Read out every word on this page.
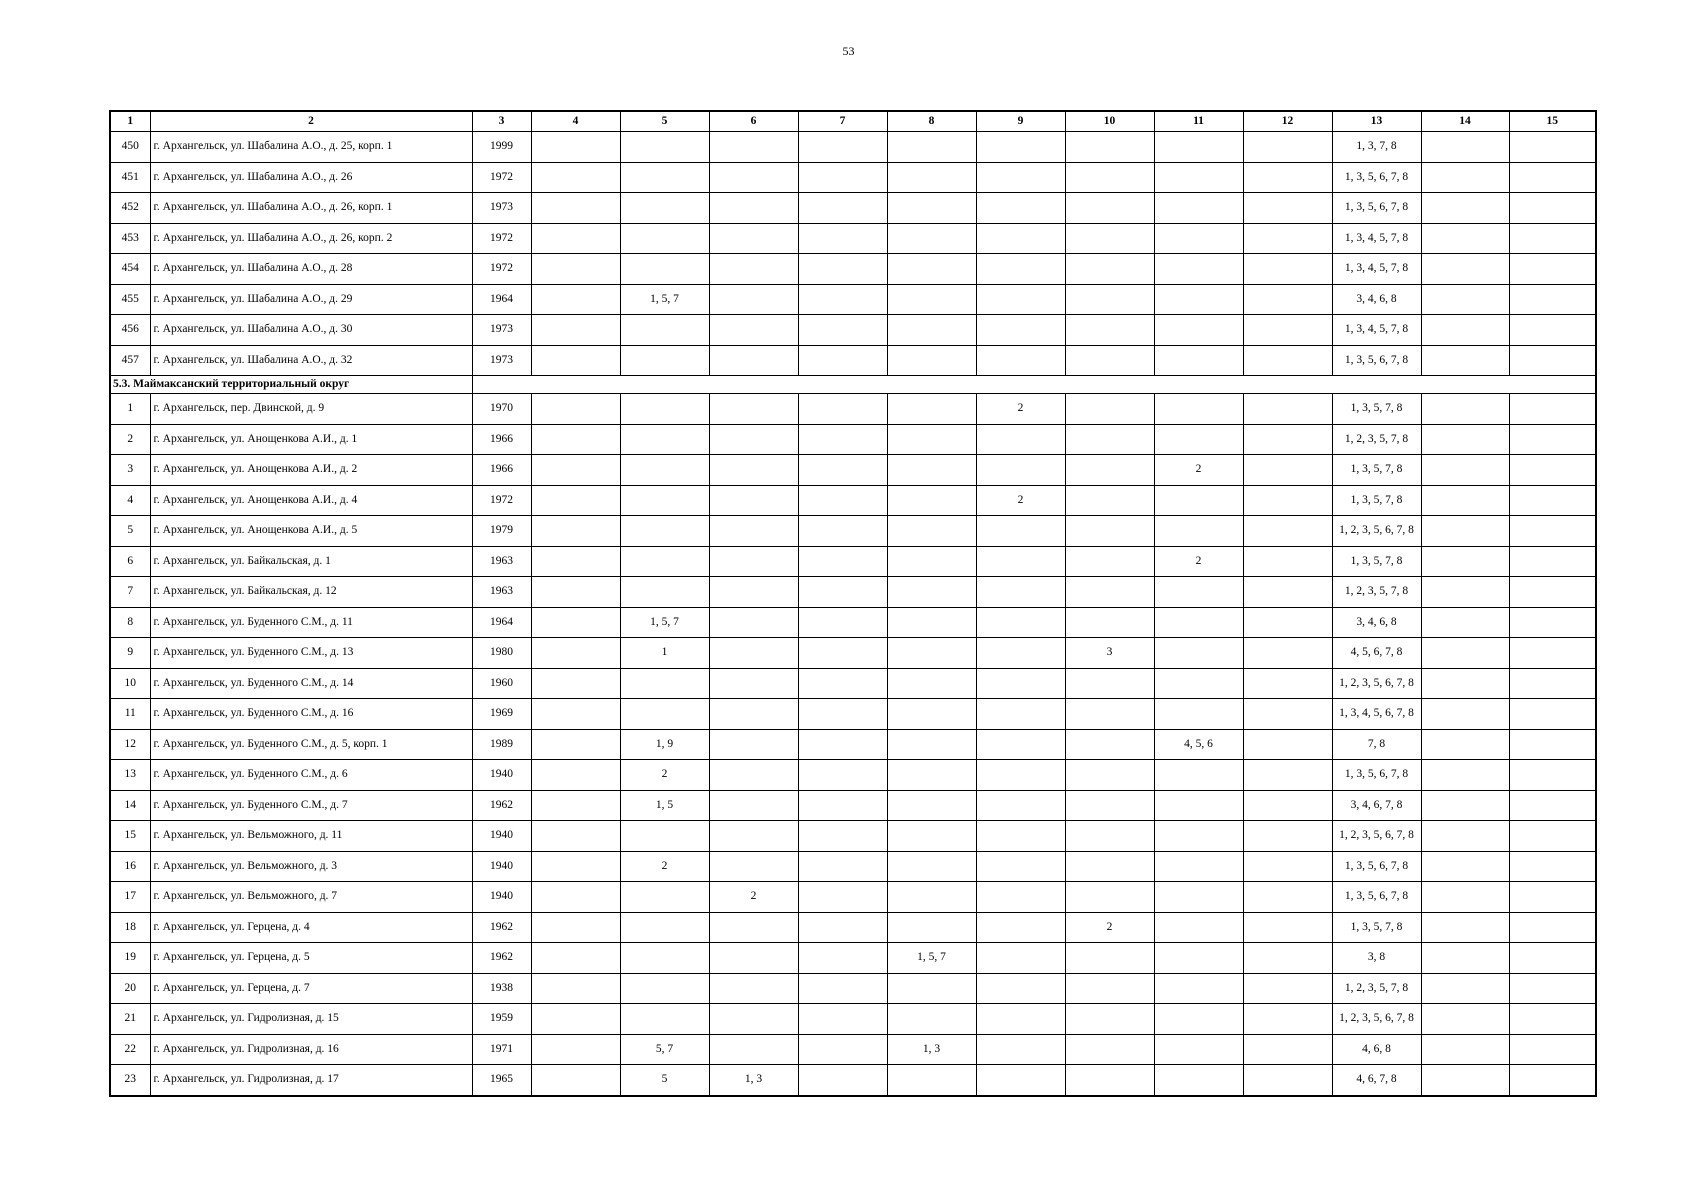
53
1	2	3	4	5	6	7	8	9	10	11	12	13	14	15
450	г. Архангельск, ул. Шабалина А.О., д. 25, корп. 1	1999										1, 3, 7, 8		
451	г. Архангельск, ул. Шабалина А.О., д. 26	1972										1, 3, 5, 6, 7, 8		
452	г. Архангельск, ул. Шабалина А.О., д. 26, корп. 1	1973										1, 3, 5, 6, 7, 8		
453	г. Архангельск, ул. Шабалина А.О., д. 26, корп. 2	1972										1, 3, 4, 5, 7, 8		
454	г. Архангельск, ул. Шабалина А.О., д. 28	1972										1, 3, 4, 5, 7, 8		
455	г. Архангельск, ул. Шабалина А.О., д. 29	1964		1, 5, 7								3, 4, 6, 8		
456	г. Архангельск, ул. Шабалина А.О., д. 30	1973										1, 3, 4, 5, 7, 8		
457	г. Архангельск, ул. Шабалина А.О., д. 32	1973										1, 3, 5, 6, 7, 8		
5.3. Маймаксанский территориальный округ														
1	г. Архангельск, пер. Двинской, д. 9	1970						2				1, 3, 5, 7, 8		
2	г. Архангельск, ул. Анощенкова А.И., д. 1	1966										1, 2, 3, 5, 7, 8		
3	г. Архангельск, ул. Анощенкова А.И., д. 2	1966								2		1, 3, 5, 7, 8		
4	г. Архангельск, ул. Анощенкова А.И., д. 4	1972						2				1, 3, 5, 7, 8		
5	г. Архангельск, ул. Анощенкова А.И., д. 5	1979										1, 2, 3, 5, 6, 7, 8		
6	г. Архангельск, ул. Байкальская, д. 1	1963								2		1, 3, 5, 7, 8		
7	г. Архангельск, ул. Байкальская, д. 12	1963										1, 2, 3, 5, 7, 8		
8	г. Архангельск, ул. Буденного С.М., д. 11	1964		1, 5, 7								3, 4, 6, 8		
9	г. Архангельск, ул. Буденного С.М., д. 13	1980		1					3			4, 5, 6, 7, 8		
10	г. Архангельск, ул. Буденного С.М., д. 14	1960										1, 2, 3, 5, 6, 7, 8		
11	г. Архангельск, ул. Буденного С.М., д. 16	1969										1, 3, 4, 5, 6, 7, 8		
12	г. Архангельск, ул. Буденного С.М., д. 5, корп. 1	1989		1, 9						4, 5, 6		7, 8		
13	г. Архангельск, ул. Буденного С.М., д. 6	1940		2								1, 3, 5, 6, 7, 8		
14	г. Архангельск, ул. Буденного С.М., д. 7	1962		1, 5								3, 4, 6, 7, 8		
15	г. Архангельск, ул. Вельможного, д. 11	1940										1, 2, 3, 5, 6, 7, 8		
16	г. Архангельск, ул. Вельможного, д. 3	1940		2								1, 3, 5, 6, 7, 8		
17	г. Архангельск, ул. Вельможного, д. 7	1940			2							1, 3, 5, 6, 7, 8		
18	г. Архангельск, ул. Герцена, д. 4	1962							2			1, 3, 5, 7, 8		
19	г. Архангельск, ул. Герцена, д. 5	1962					1, 5, 7					3, 8		
20	г. Архангельск, ул. Герцена, д. 7	1938										1, 2, 3, 5, 7, 8		
21	г. Архангельск, ул. Гидролизная, д. 15	1959										1, 2, 3, 5, 6, 7, 8		
22	г. Архангельск, ул. Гидролизная, д. 16	1971		5, 7			1, 3					4, 6, 8		
23	г. Архангельск, ул. Гидролизная, д. 17	1965		5	1, 3							4, 6, 7, 8		
